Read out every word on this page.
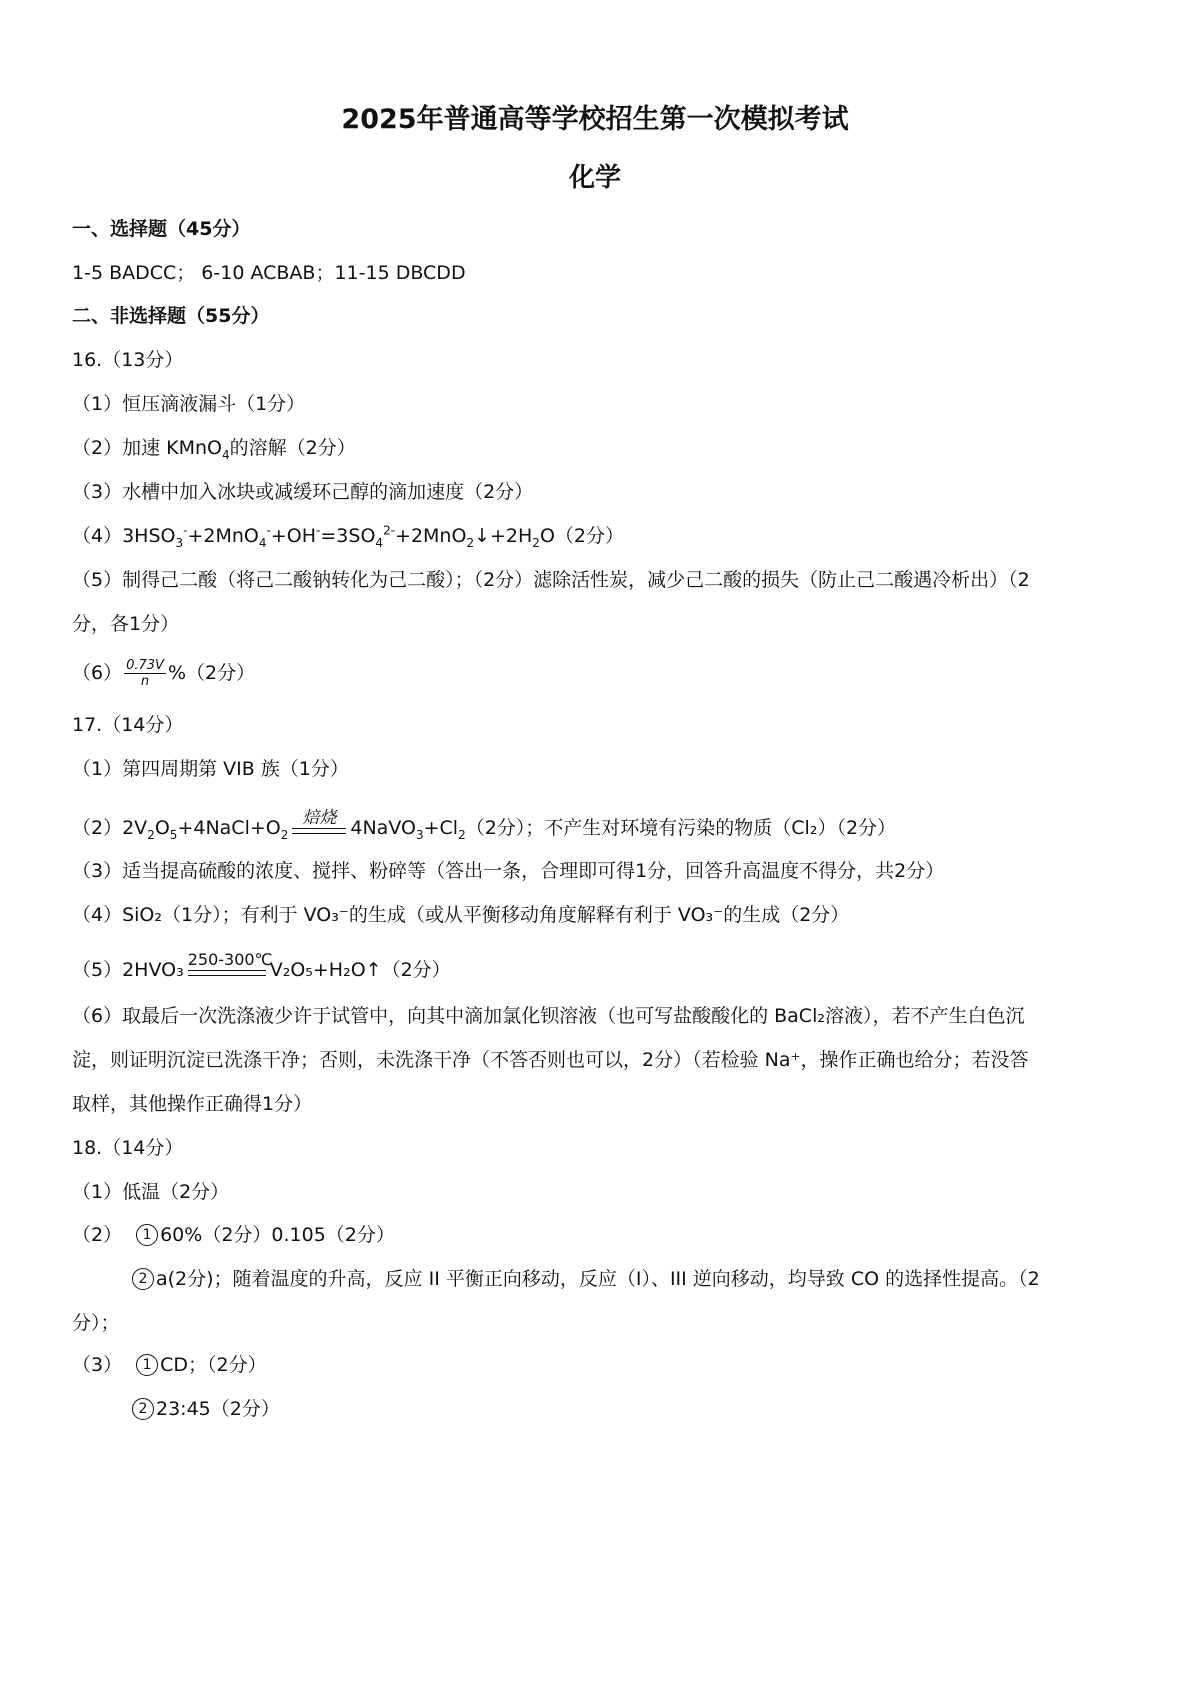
2025年普通高等学校招生第一次模拟考试
化学
一、选择题（45分）
1-5 BADCC； 6-10 ACBAB；11-15 DBCDD
二、非选择题（55分）
16.（13分）
（1）恒压滴液漏斗（1分）
（2）加速 KMnO$_4$的溶解（2分）
（3）水槽中加入冰块或减缓环己醇的滴加速度（2分）
$(4)3HSO_3^-+2MnO_4^-+OH^-=3SO_4^{2-}+2MnO_2↓+2H_2O(2$分）
（5）制得己二酸（将己二酸钠转化为己二酸）；（2分）滤除活性炭，减少己二酸的损失（防止己二酸遇冷析出）（2
分，各1分）
$(6) \frac{0.73V}{n} \%(2$分）
17.（14分）
（1）第四周期第 VIB 族（1分）
$(2)2V_2O_5+4NaCl+O_2$
焙烧 $4NaVO_3+Cl_2(2$分）；不产生对环境有污染的物质（Cl₂）（2分）
（3）适当提高硫酸的浓度、搅拌、粉碎等（答出一条，合理即可得1分，回答升高温度不得分，共2分）
（4）SiO₂（1分）；有利于 VO₃⁻的生成（或从平衡移动角度解释有利于 VO₃⁻的生成（2分）
（5）2HVO₃ 250-300℃
V₂O₅+H₂O↑（2分）
（6）取最后一次洗涤液少许于试管中，向其中滴加氯化钡溶液（也可写盐酸酸化的 BaCl₂溶液），若不产生白色沉
淀，则证明沉淀已洗涤干净；否则，未洗涤干净（不答否则也可以，2分）（若检验 Na⁺，操作正确也给分；若没答
取样，其他操作正确得1分）
18.（14分）
（1）低温（2分）
（2） 1 60%（2分）0.105（2分）
2 a(2分)；随着温度的升高，反应 II 平衡正向移动，反应（I）、III 逆向移动，均导致 CO 的选择性提高。（2
分）；
（3） 1 CD；（2分）
2 23:45（2分）
